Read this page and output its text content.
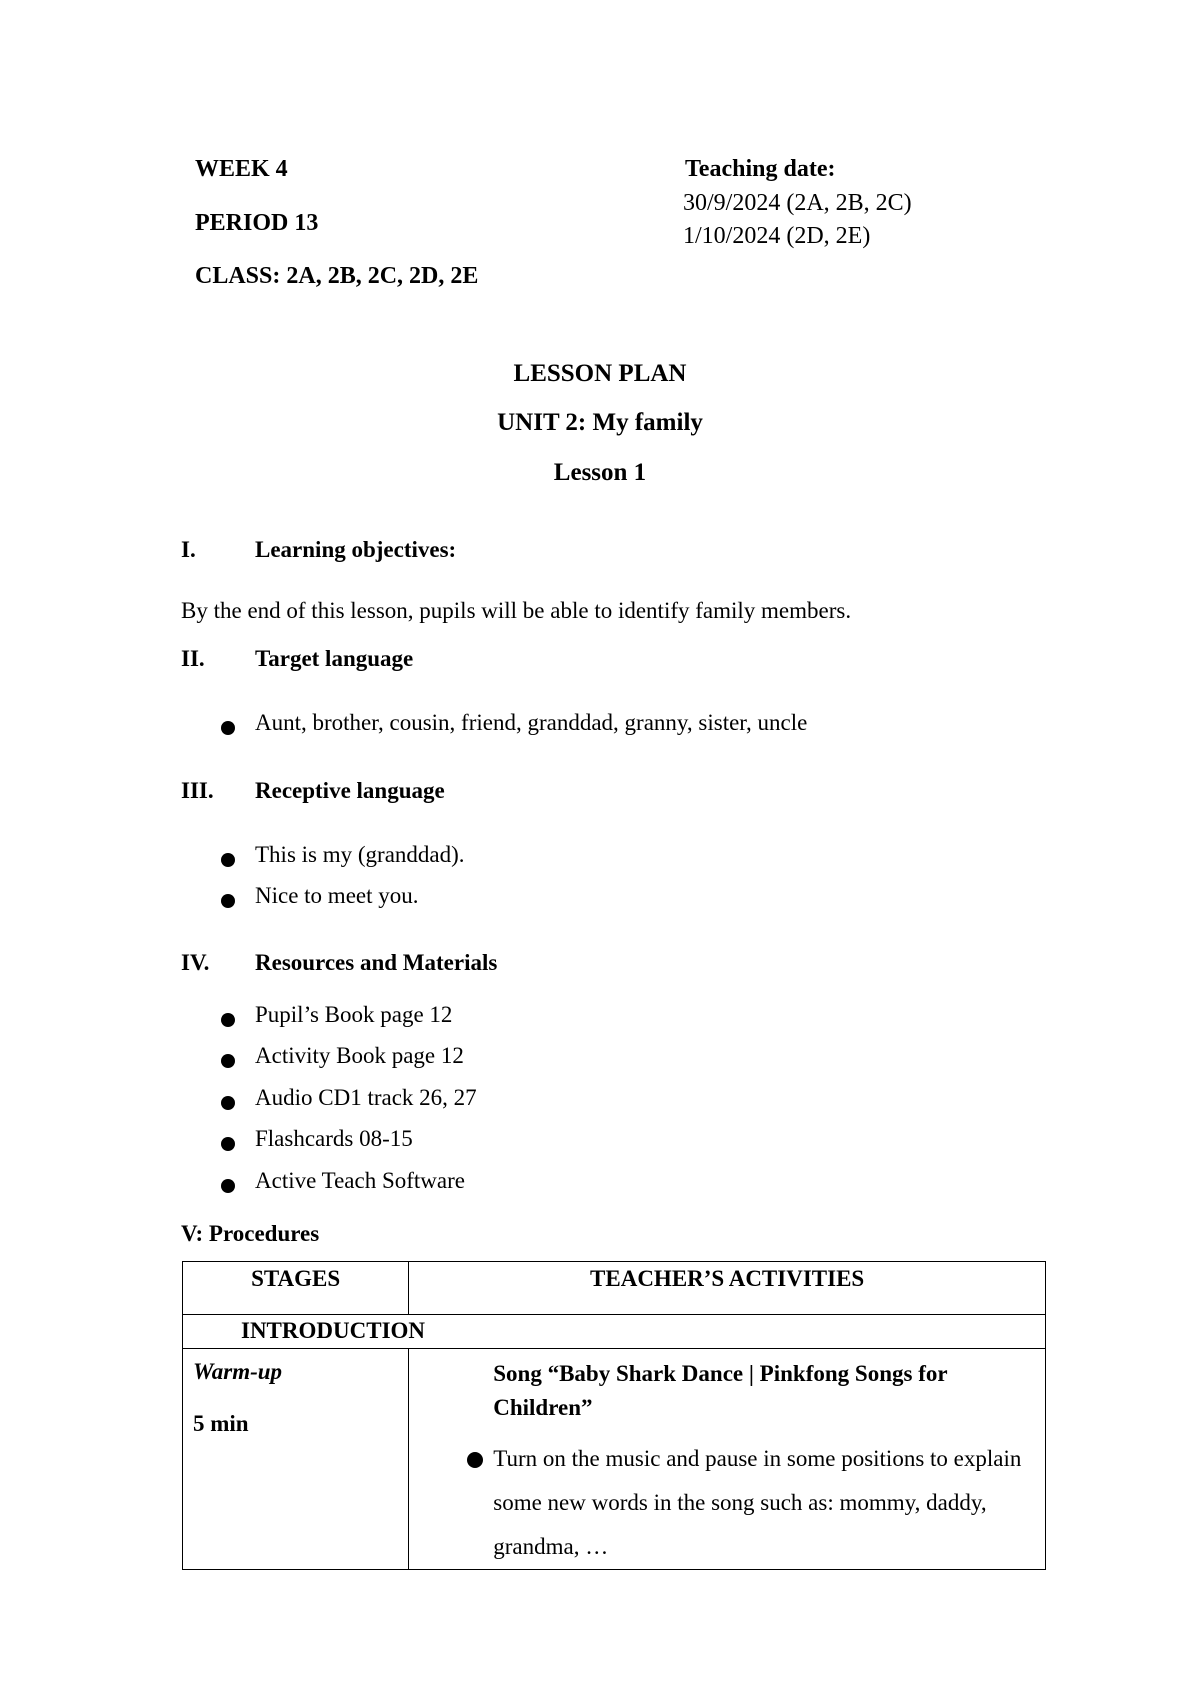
WEEK 4
PERIOD 13
CLASS: 2A, 2B, 2C, 2D, 2E
Teaching date:
30/9/2024 (2A, 2B, 2C)
1/10/2024 (2D, 2E)
LESSON PLAN
UNIT 2: My family
Lesson 1
I.	Learning objectives:
By the end of this lesson, pupils will be able to identify family members.
II. Target language
Aunt, brother, cousin, friend, granddad, granny, sister, uncle
III. Receptive language
This is my (granddad).
Nice to meet you.
IV. Resources and Materials
Pupil’s Book page 12
Activity Book page 12
Audio CD1 track 26, 27
Flashcards 08-15
Active Teach Software
V: Procedures
STAGES	TEACHER’S ACTIVITIES
INTRODUCTION	

Warm-up
5 min	Song “Baby Shark Dance | Pinkfong Songs for Children”
Turn on the music and pause in some positions to explain some new words in the song such as: mommy, daddy, grandma, …
